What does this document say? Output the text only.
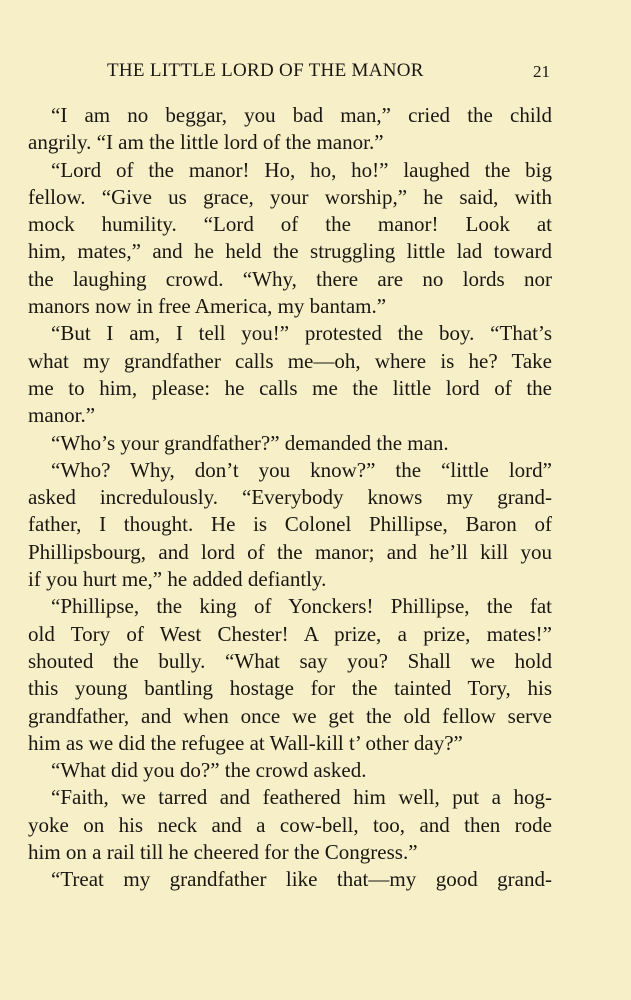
THE LITTLE LORD OF THE MANOR	21
“I am no beggar, you bad man,” cried the child
angrily. “I am the little lord of the manor.”
“Lord of the manor! Ho, ho, ho!” laughed the big
fellow. “Give us grace, your worship,” he said, with
mock humility. “Lord of the manor! Look at
him, mates,” and he held the struggling little lad toward
the laughing crowd. “Why, there are no lords nor
manors now in free America, my bantam.”
“But I am, I tell you!” protested the boy. “That’s
what my grandfather calls me—oh, where is he? Take
me to him, please: he calls me the little lord of the
manor.”
“Who’s your grandfather?” demanded the man.
“Who? Why, don’t you know?” the “little lord”
asked incredulously. “Everybody knows my grand-
father, I thought. He is Colonel Phillipse, Baron of
Phillipsbourg, and lord of the manor; and he’ll kill you
if you hurt me,” he added defiantly.
“Phillipse, the king of Yonckers! Phillipse, the fat
old Tory of West Chester! A prize, a prize, mates!”
shouted the bully. “What say you? Shall we hold
this young bantling hostage for the tainted Tory, his
grandfather, and when once we get the old fellow serve
him as we did the refugee at Wall-kill t’ other day?”
“What did you do?” the crowd asked.
“Faith, we tarred and feathered him well, put a hog-
yoke on his neck and a cow-bell, too, and then rode
him on a rail till he cheered for the Congress.”
“Treat my grandfather like that—my good grand-
